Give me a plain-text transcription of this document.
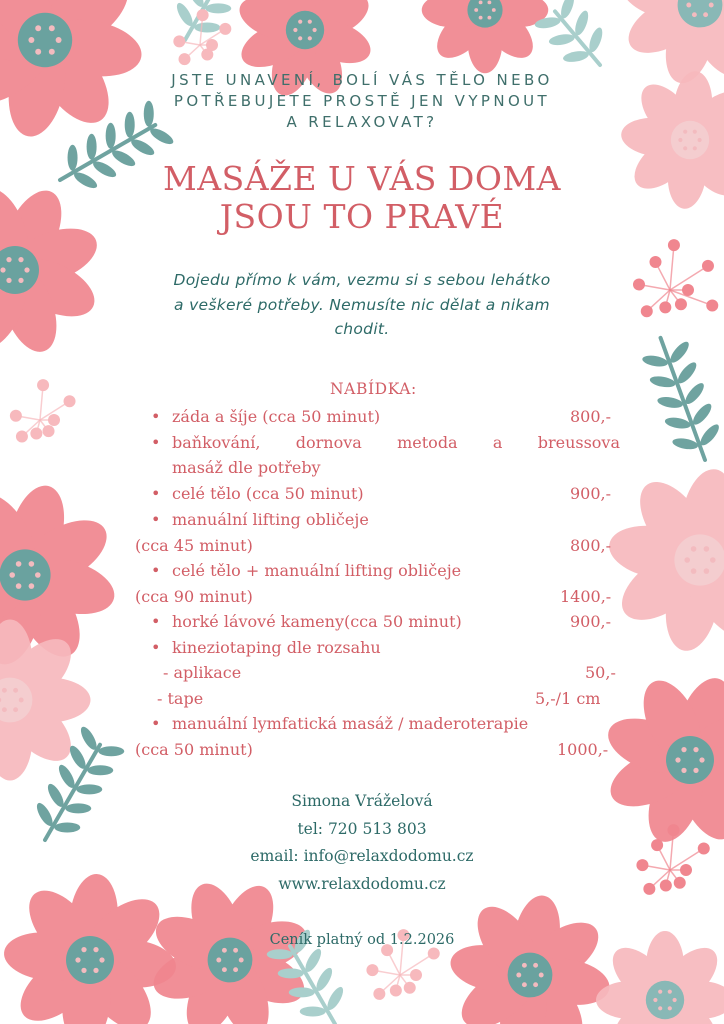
JSTE UNAVENÍ, BOLÍ VÁS TĚLO NEBO
POTŘEBUJETE PROSTĚ JEN VYPNOUT
A RELAXOVAT?
MASÁŽE U VÁS DOMA
JSOU TO PRAVÉ
Dojedu přímo k vám, vezmu si s sebou lehátko
a veškeré potřeby. Nemusíte nic dělat a nikam
chodit.
NABÍDKA:
• záda a šíje (cca 50 minut)	800,-
• baňkování, dornova metoda a breussova
masáž dle potřeby
• celé tělo (cca 50 minut)	900,-
• manuální lifting obličeje
(cca 45 minut)	800,-
• celé tělo + manuální lifting obličeje
(cca 90 minut)	1400,-
• horké lávové kameny(cca 50 minut)	900,-
• kineziotaping dle rozsahu
- aplikace	50,-
- tape	5,-/1 cm
• manuální lymfatická masáž / maderoterapie
(cca 50 minut)	1000,-
Simona Vráželová
tel: 720 513 803
email: info@relaxdodomu.cz
www.relaxdodomu.cz
Ceník platný od 1.2.2026
